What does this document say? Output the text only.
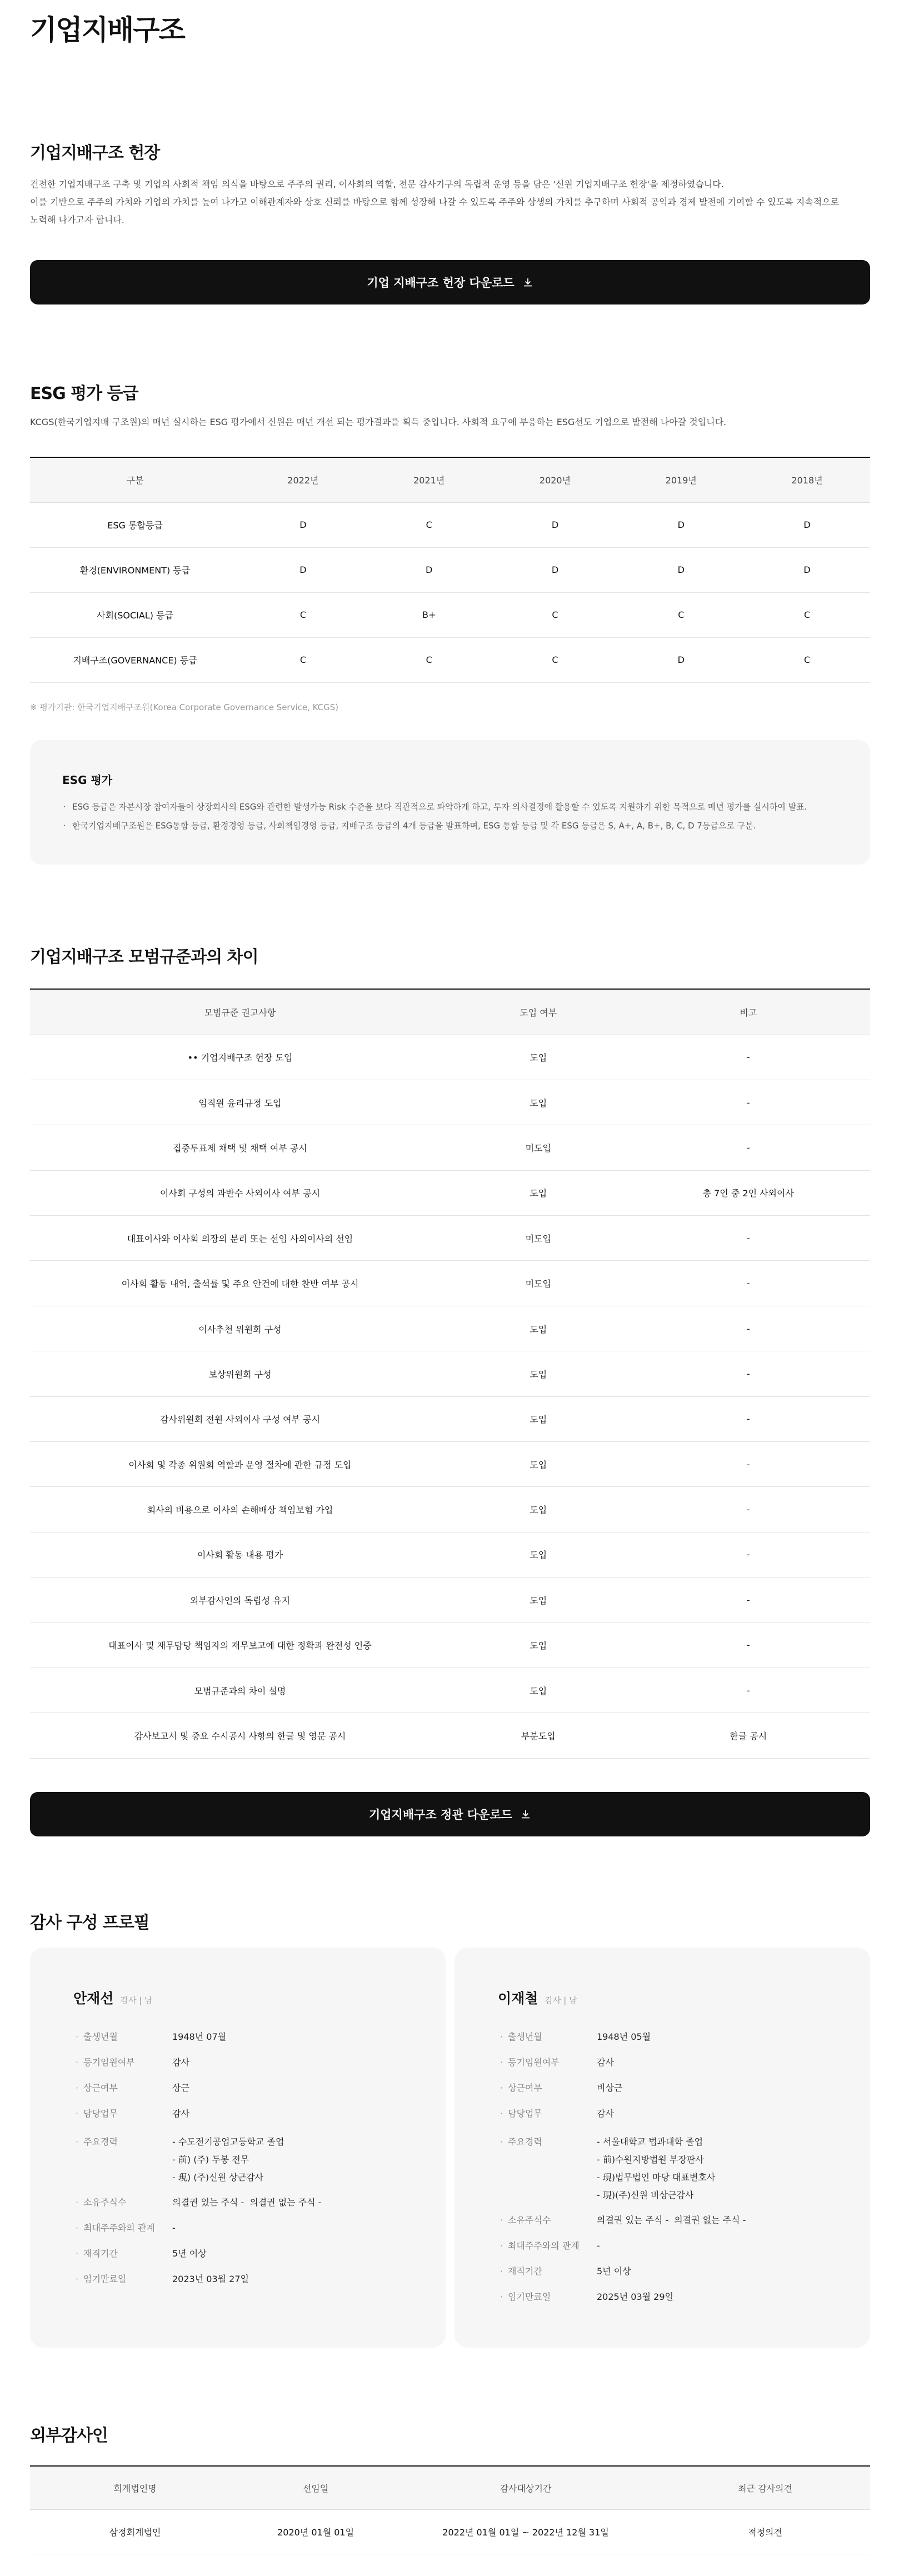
기업지배구조
기업지배구조 헌장
건전한 기업지배구조 구축 및 기업의 사회적 책임 의식을 바탕으로 주주의 권리, 이사회의 역할, 전문 감사기구의 독립적 운영 등을 담은 '신원 기업지배구조 헌장'을 제정하였습니다.
이를 기반으로 주주의 가치와 기업의 가치를 높여 나가고 이해관계자와 상호 신뢰를 바탕으로 함께 성장해 나갈 수 있도록 주주와 상생의 가치를 추구하며 사회적 공익과 경제 발전에 기여할 수 있도록 지속적으로
노력해 나가고자 합니다.
기업 지배구조 헌장 다운로드
ESG 평가 등급
KCGS(한국기업지배 구조원)의 매년 실시하는 ESG 평가에서 신원은 매년 개선 되는 평가결과를 획득 중입니다. 사회적 요구에 부응하는 ESG선도 기업으로 발전해 나아갈 것입니다.
구분	2022년	2021년	2020년	2019년	2018년
ESG 통합등급	D	C	D	D	D
환경(ENVIRONMENT) 등급	D	D	D	D	D
사회(SOCIAL) 등급	C	B+	C	C	C
지배구조(GOVERNANCE) 등급	C	C	C	D	C
※ 평가기관: 한국기업지배구조원(Korea Corporate Governance Service, KCGS)
ESG 평가
· ESG 등급은 자본시장 참여자들이 상장회사의 ESG와 관련한 발생가능 Risk 수준을 보다 직관적으로 파악하게 하고, 투자 의사결정에 활용할 수 있도록 지원하기 위한 목적으로 매년 평가를 실시하여 발표.
· 한국기업지배구조원은 ESG통합 등급, 환경경영 등급, 사회책임경영 등급, 지배구조 등급의 4개 등급을 발표하며, ESG 통합 등급 및 각 ESG 등급은 S, A+, A, B+, B, C, D 7등급으로 구분.
기업지배구조 모범규준과의 차이
모범규준 권고사항	도입 여부	비고
•• 기업지배구조 헌장 도입	도입	-
임직원 윤리규정 도입	도입	-
집중투표제 채택 및 채택 여부 공시	미도입	-
이사회 구성의 과반수 사외이사 여부 공시	도입	총 7인 중 2인 사외이사
대표이사와 이사회 의장의 분리 또는 선임 사외이사의 선임	미도입	-
이사회 활동 내역, 출석률 및 주요 안건에 대한 찬반 여부 공시	미도입	-
이사추천 위원회 구성	도입	-
보상위원회 구성	도입	-
감사위원회 전원 사외이사 구성 여부 공시	도입	-
이사회 및 각종 위원회 역할과 운영 절차에 관한 규정 도입	도입	-
회사의 비용으로 이사의 손해배상 책임보험 가입	도입	-
이사회 활동 내용 평가	도입	-
외부감사인의 독립성 유지	도입	-
대표이사 및 재무담당 책임자의 재무보고에 대한 정확과 완전성 인증	도입	-
모범규준과의 차이 설명	도입	-
감사보고서 및 중요 수시공시 사항의 한글 및 영문 공시	부분도입	한글 공시
기업지배구조 정관 다운로드
감사 구성 프로필
안재선 감사 | 남
· 출생년월	1948년 07월
· 등기임원여부	감사
· 상근여부	상근
· 담당업무	감사
· 주요경력	- 수도전기공업고등학교 졸업
- 前) (주) 두봉 전무
- 現) (주)신원 상근감사
· 소유주식수	의결권 있는 주식 - 의결권 없는 주식 -
· 최대주주와의 관계	-
· 재직기간	5년 이상
· 임기만료일	2023년 03월 27일
이재철 감사 | 남
· 출생년월	1948년 05월
· 등기임원여부	감사
· 상근여부	비상근
· 담당업무	감사
· 주요경력	- 서울대학교 법과대학 졸업
- 前)수원지방법원 부장판사
- 現)법무법인 마당 대표변호사
- 現)(주)신원 비상근감사
· 소유주식수	의결권 있는 주식 - 의결권 없는 주식 -
· 최대주주와의 관계	-
· 재직기간	5년 이상
· 임기만료일	2025년 03월 29일
외부감사인
회계법인명	선임일	감사대상기간	최근 감사의견
삼정회계법인	2020년 01월 01일	2022년 01월 01일 ~ 2022년 12월 31일	적정의견
